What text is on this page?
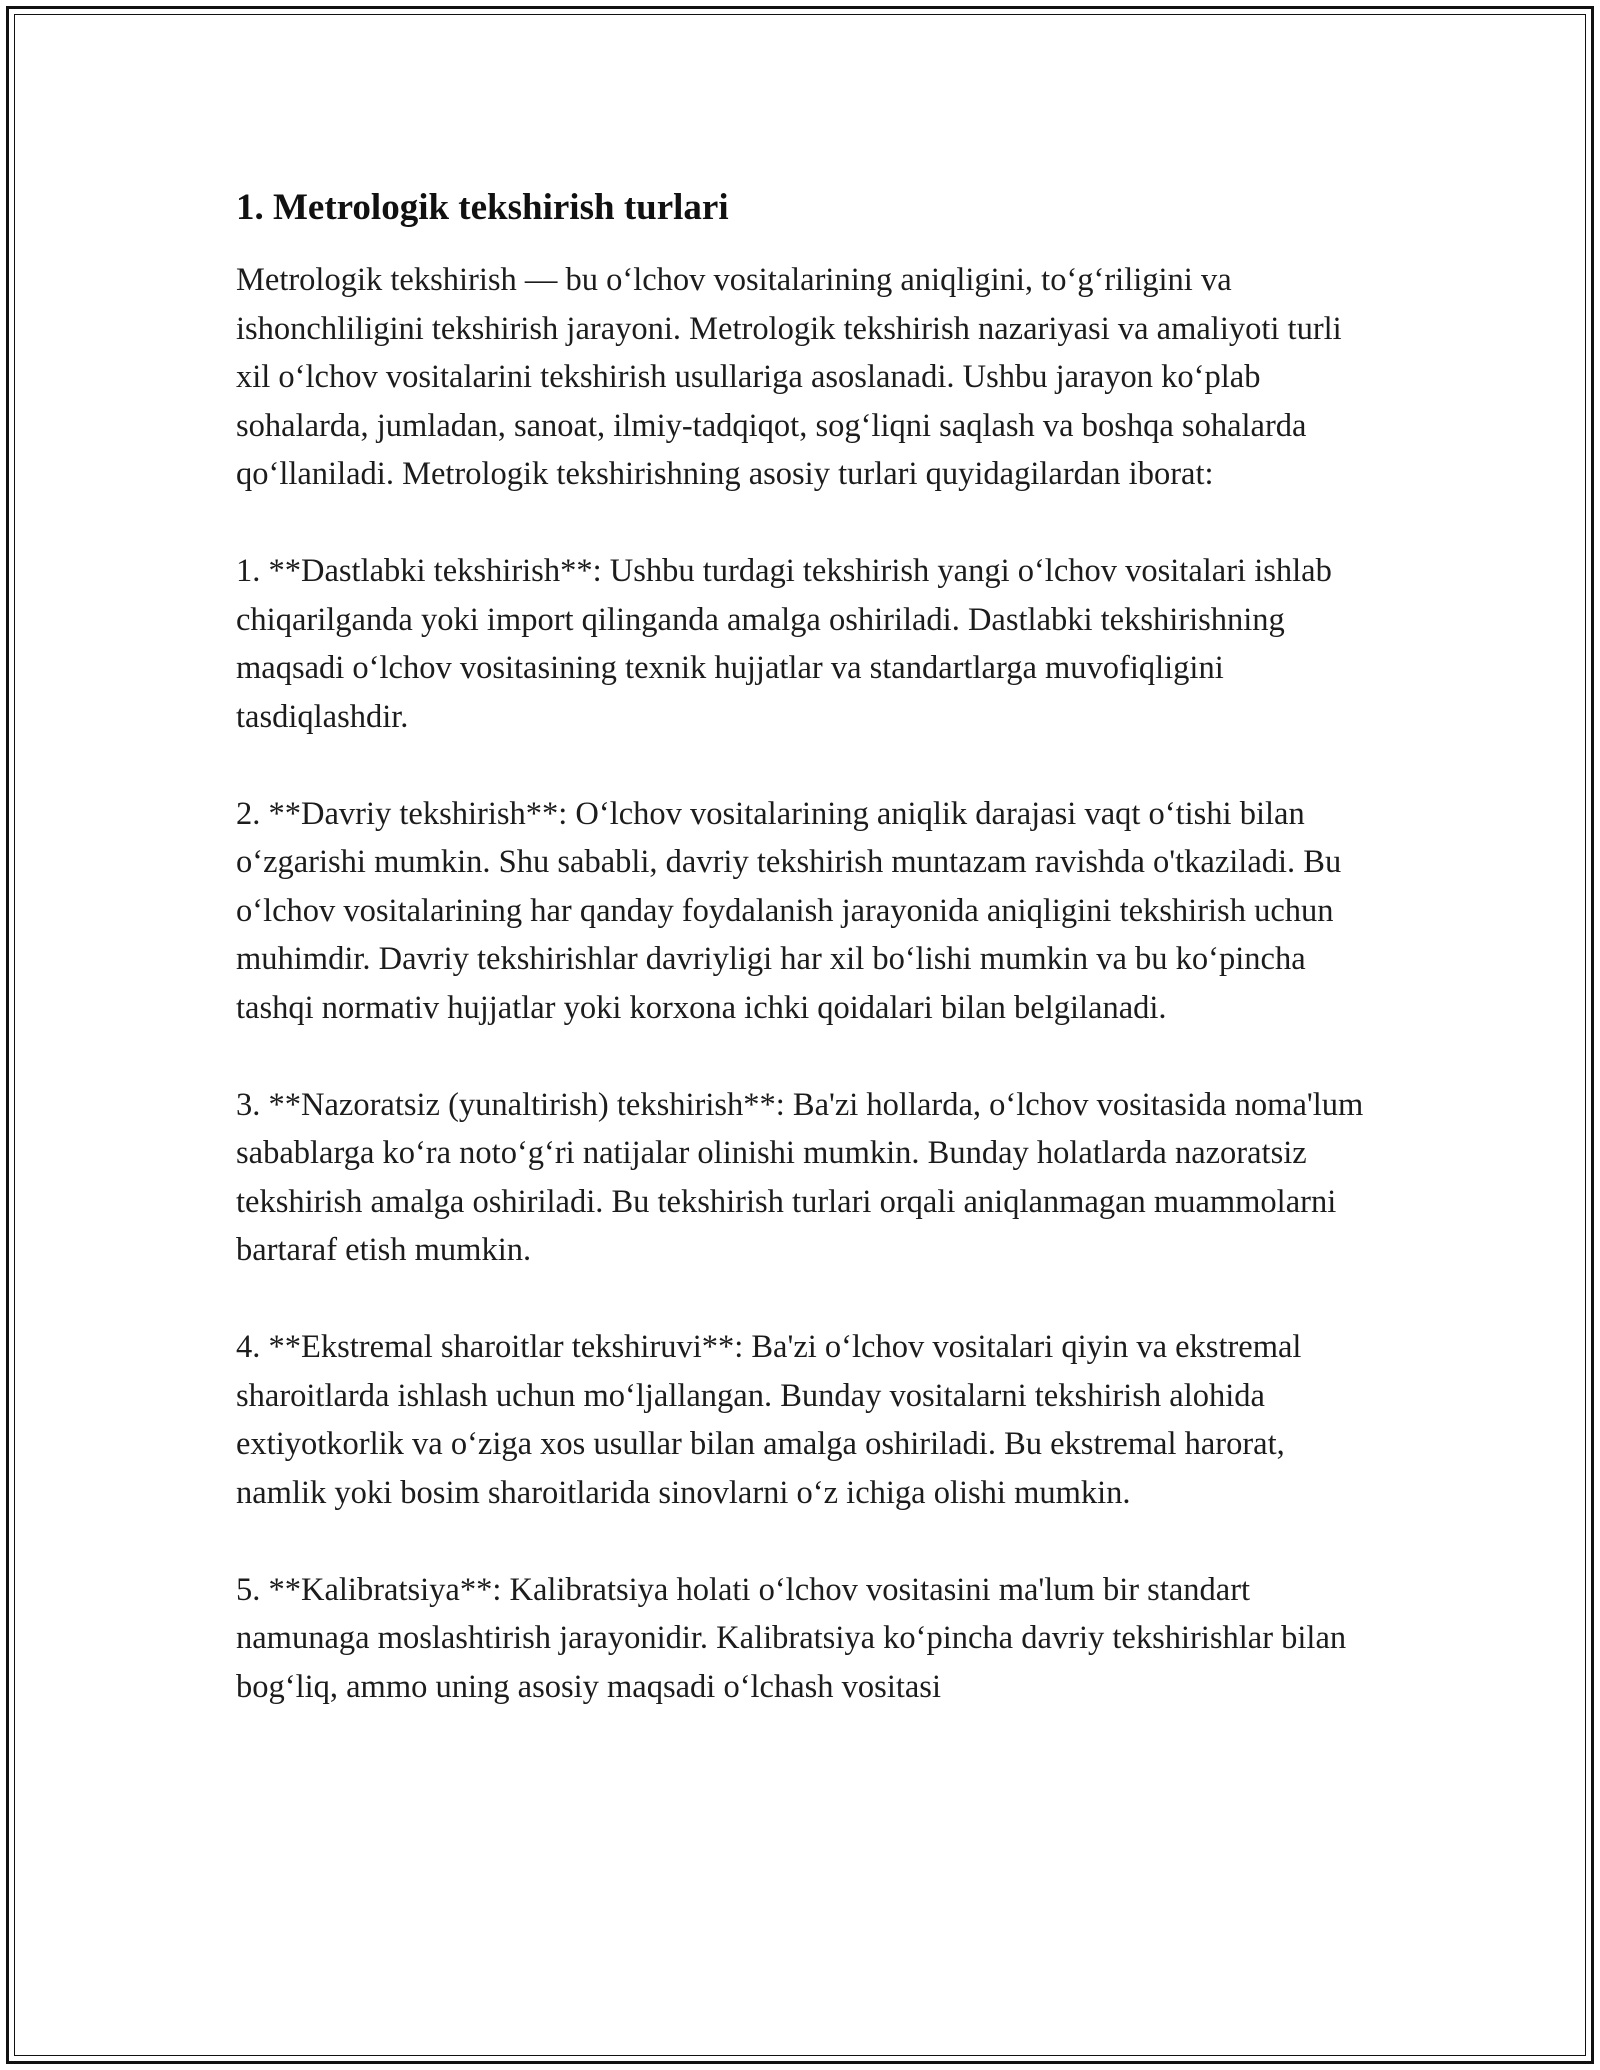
1. Metrologik tekshirish turlari

Metrologik tekshirish — bu o‘lchov vositalarining aniqligini, to‘g‘riligini va ishonchliligini tekshirish jarayoni. Metrologik tekshirish nazariyasi va amaliyoti turli xil o‘lchov vositalarini tekshirish usullariga asoslanadi. Ushbu jarayon ko‘plab sohalarda, jumladan, sanoat, ilmiy-tadqiqot, sog‘liqni saqlash va boshqa sohalarda qo‘llaniladi. Metrologik tekshirishning asosiy turlari quyidagilardan iborat:

1. **Dastlabki tekshirish**: Ushbu turdagi tekshirish yangi o‘lchov vositalari ishlab chiqarilganda yoki import qilinganda amalga oshiriladi. Dastlabki tekshirishning maqsadi o‘lchov vositasining texnik hujjatlar va standartlarga muvofiqligini tasdiqlashdir.

2. **Davriy tekshirish**: O‘lchov vositalarining aniqlik darajasi vaqt o‘tishi bilan o‘zgarishi mumkin. Shu sababli, davriy tekshirish muntazam ravishda o'tkaziladi. Bu o‘lchov vositalarining har qanday foydalanish jarayonida aniqligini tekshirish uchun muhimdir. Davriy tekshirishlar davriyligi har xil bo‘lishi mumkin va bu ko‘pincha tashqi normativ hujjatlar yoki korxona ichki qoidalari bilan belgilanadi.

3. **Nazoratsiz (yunaltirish) tekshirish**: Ba'zi hollarda, o‘lchov vositasida noma'lum sabablarga ko‘ra noto‘g‘ri natijalar olinishi mumkin. Bunday holatlarda nazoratsiz tekshirish amalga oshiriladi. Bu tekshirish turlari orqali aniqlanmagan muammolarni bartaraf etish mumkin.

4. **Ekstremal sharoitlar tekshiruvi**: Ba'zi o‘lchov vositalari qiyin va ekstremal sharoitlarda ishlash uchun mo‘ljallangan. Bunday vositalarni tekshirish alohida extiyotkorlik va o‘ziga xos usullar bilan amalga oshiriladi. Bu ekstremal harorat, namlik yoki bosim sharoitlarida sinovlarni o‘z ichiga olishi mumkin.

5. **Kalibratsiya**: Kalibratsiya holati o‘lchov vositasini ma'lum bir standart namunaga moslashtirish jarayonidir. Kalibratsiya ko‘pincha davriy tekshirishlar bilan bog‘liq, ammo uning asosiy maqsadi o‘lchash vositasi
